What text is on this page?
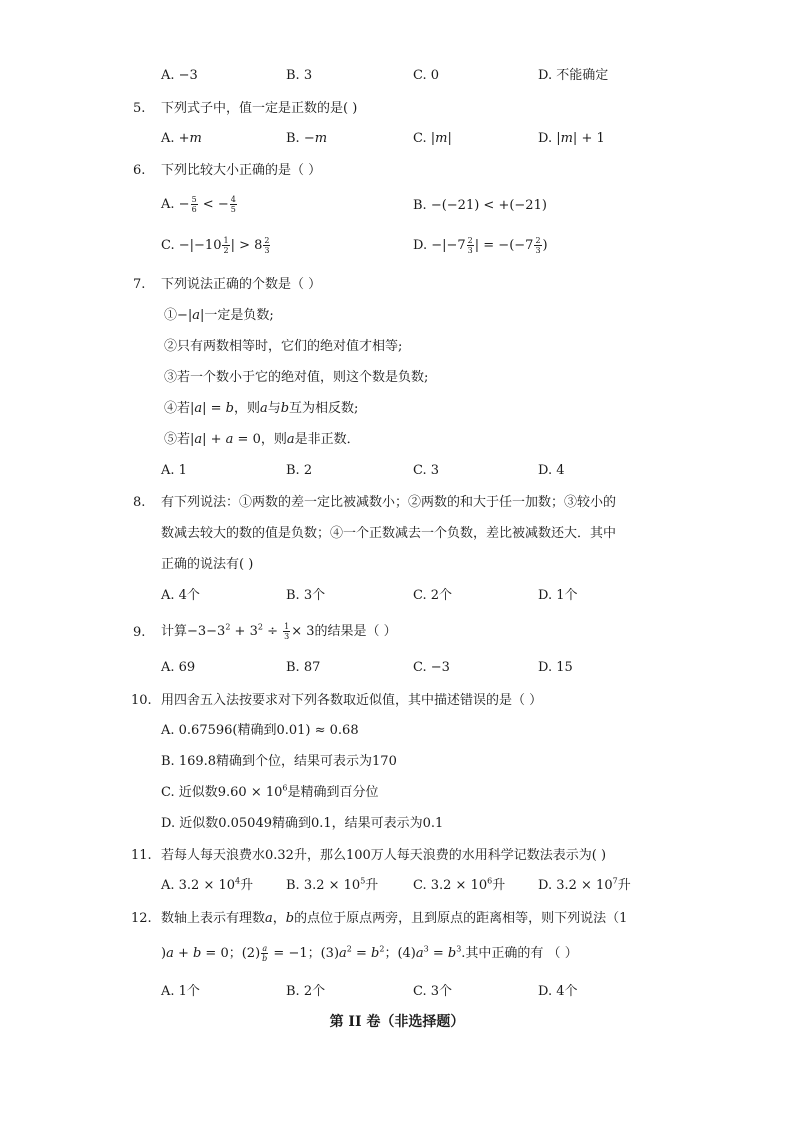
A. −3	B. 3	C. 0	D. 不能确定
5. 下列式子中，值一定是正数的是( )
A. +𝑚	B. −𝑚	C. |𝑚|	D. |𝑚| + 1
6. 下列比较大小正确的是（ ）
A. − $\frac{5}{6}$ < − $\frac{4}{5}$	B. −(−21) < +(−21)
C. $-|-10 \frac{1}{2}$ | > $8 \frac{2}{3}$	D. $-|-7 \frac{2}{3}$ | = $-(-7 \frac{2}{3}$ )
7. 下列说法正确的个数是（ ）
①−|𝑎|一定是负数;
②只有两数相等时，它们的绝对值才相等;
③若一个数小于它的绝对值，则这个数是负数;
④若|𝑎| = 𝑏，则𝑎与𝑏互为相反数;
⑤若|𝑎| + 𝑎 = 0，则𝑎是非正数．
A. 1	B. 2	C. 3	D. 4
8. 有下列说法：①两数的差一定比被减数小；②两数的和大于任一加数；③较小的
数减去较大的数的值是负数；④一个正数减去一个负数，差比被减数还大．其中
正确的说法有( )
A. 4个	B. 3个	C. 2个	D. 1个
9. 计算$-3-3^2 + 3^2 \div \frac{1}{3} \times 3$的结果是（ ）
A. 69	B. 87	C. −3	D. 15
10. 用四舍五入法按要求对下列各数取近似值，其中描述错误的是（ ）
A. 0.67596(精确到0.01) ≈ 0.68
B. 169.8精确到个位，结果可表示为170
C. 近似数$9.60 \times 10^6$是精确到百分位
D. 近似数0.05049精确到0.1，结果可表示为0.1
11. 若每人每天浪费水0.32升，那么100万人每天浪费的水用科学记数法表示为( )
A. $3.2 \times 10^4$升	B. $3.2 \times 10^5$升	C. $3.2 \times 10^6$升	D. $3.2 \times 10^7$升
12. 数轴上表示有理数𝑎，𝑏的点位于原点两旁，且到原点的距离相等，则下列说法（1
)𝑎 + 𝑏 = 0；$(2) \frac{\text{𝑎}}{\text{𝑏}} = -1$；(3)𝑎$^2$ = 𝑏$^2$；(4)𝑎$^3$ = 𝑏$^3$.其中正确的有 （ ）
A. 1个	B. 2个	C. 3个	D. 4个
第 II 卷（非选择题）
